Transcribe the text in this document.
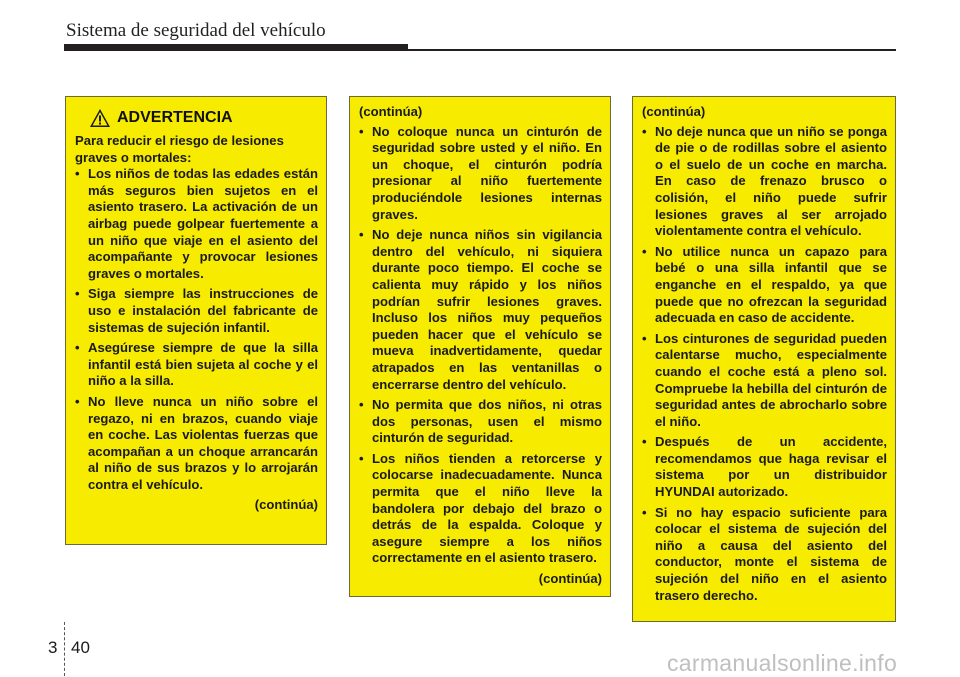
Sistema de seguridad del vehículo
ADVERTENCIA
Para reducir el riesgo de lesiones graves o mortales:
• Los niños de todas las edades están más seguros bien sujetos en el asiento trasero. La activación de un airbag puede golpear fuertemente a un niño que viaje en el asiento del acompañante y provocar lesiones graves o mortales.
• Siga siempre las instrucciones de uso e instalación del fabricante de sistemas de sujeción infantil.
• Asegúrese siempre de que la silla infantil está bien sujeta al coche y el niño a la silla.
• No lleve nunca un niño sobre el regazo, ni en brazos, cuando viaje en coche. Las violentas fuerzas que acompañan a un choque arrancarán al niño de sus brazos y lo arrojarán contra el vehículo.
(continúa)
(continúa)
• No coloque nunca un cinturón de seguridad sobre usted y el niño. En un choque, el cinturón podría presionar al niño fuertemente produciéndole lesiones internas graves.
• No deje nunca niños sin vigilancia dentro del vehículo, ni siquiera durante poco tiempo. El coche se calienta muy rápido y los niños podrían sufrir lesiones graves. Incluso los niños muy pequeños pueden hacer que el vehículo se mueva inadvertidamente, quedar atrapados en las ventanillas o encerrarse dentro del vehículo.
• No permita que dos niños, ni otras dos personas, usen el mismo cinturón de seguridad.
• Los niños tienden a retorcerse y colocarse inadecuadamente. Nunca permita que el niño lleve la bandolera por debajo del brazo o detrás de la espalda. Coloque y asegure siempre a los niños correctamente en el asiento trasero.
(continúa)
(continúa)
• No deje nunca que un niño se ponga de pie o de rodillas sobre el asiento o el suelo de un coche en marcha. En caso de frenazo brusco o colisión, el niño puede sufrir lesiones graves al ser arrojado violentamente contra el vehículo.
• No utilice nunca un capazo para bebé o una silla infantil que se enganche en el respaldo, ya que puede que no ofrezcan la seguridad adecuada en caso de accidente.
• Los cinturones de seguridad pueden calentarse mucho, especialmente cuando el coche está a pleno sol. Compruebe la hebilla del cinturón de seguridad antes de abrocharlo sobre el niño.
• Después de un accidente, recomendamos que haga revisar el sistema por un distribuidor HYUNDAI autorizado.
• Si no hay espacio suficiente para colocar el sistema de sujeción del niño a causa del asiento del conductor, monte el sistema de sujeción del niño en el asiento trasero derecho.
3 40
carmanualsonline.info
